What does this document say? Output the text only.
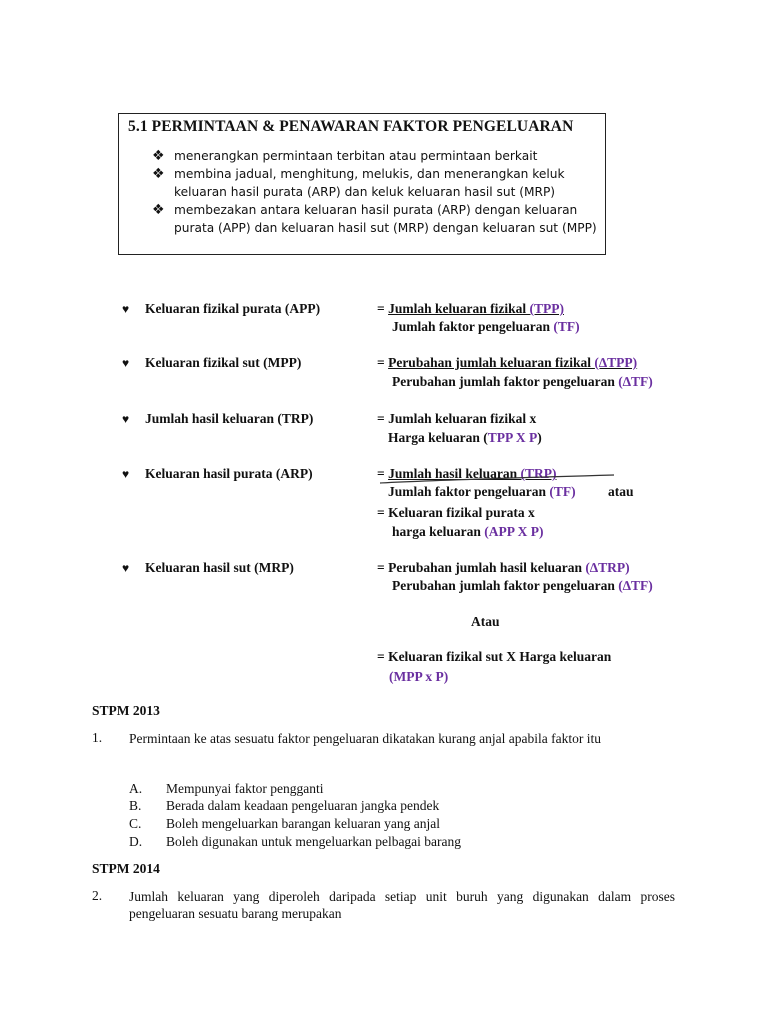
5.1 PERMINTAAN & PENAWARAN FAKTOR PENGELUARAN
❖ menerangkan permintaan terbitan atau permintaan berkait
❖ membina jadual, menghitung, melukis, dan menerangkan keluk keluaran hasil purata (ARP) dan keluk keluaran hasil sut (MRP)
❖ membezakan antara keluaran hasil purata (ARP) dengan keluaran purata (APP) dan keluaran hasil sut (MRP) dengan keluaran sut (MPP)
♥ Keluaran fizikal purata (APP)	= Jumlah keluaran fizikal (TPP)
Jumlah faktor pengeluaran (TF)
♥ Keluaran fizikal sut (MPP)	= Perubahan jumlah keluaran fizikal (∆TPP)
Perubahan jumlah faktor pengeluaran (∆TF)
♥ Jumlah hasil keluaran (TRP)	= Jumlah keluaran fizikal x
Harga keluaran (TPP X P)
♥ Keluaran hasil purata (ARP)	= Jumlah hasil keluaran (TRP)
Jumlah faktor pengeluaran (TF) atau
= Keluaran fizikal purata x
harga keluaran (APP X P)
♥ Keluaran hasil sut (MRP)	= Perubahan jumlah hasil keluaran (∆TRP)
Perubahan jumlah faktor pengeluaran (∆TF)
Atau
= Keluaran fizikal sut X Harga keluaran
(MPP x P)
STPM 2013
1. Permintaan ke atas sesuatu faktor pengeluaran dikatakan kurang anjal apabila faktor itu
A. Mempunyai faktor pengganti
B. Berada dalam keadaan pengeluaran jangka pendek
C. Boleh mengeluarkan barangan keluaran yang anjal
D. Boleh digunakan untuk mengeluarkan pelbagai barang
STPM 2014
2. Jumlah keluaran yang diperoleh daripada setiap unit buruh yang digunakan dalam proses pengeluaran sesuatu barang merupakan
